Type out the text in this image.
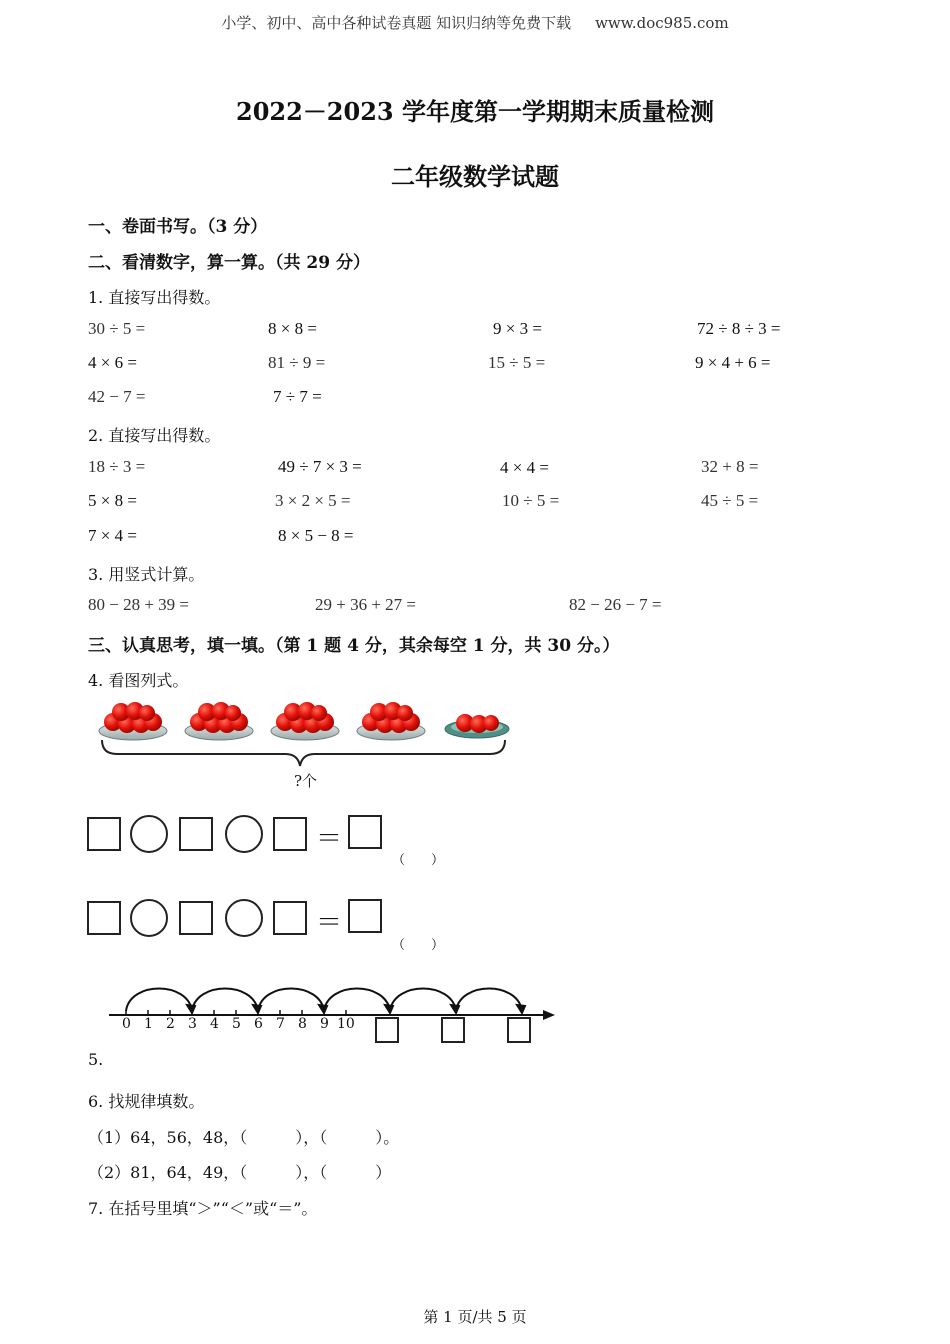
小学、初中、高中各种试卷真题 知识归纳等免费下载 www.doc985.com
2022－2023 学年度第一学期期末质量检测
二年级数学试题
一、卷面书写。（3 分）
二、看清数字，算一算。（共 29 分）
1. 直接写出得数。
30 ÷ 5 =	8 × 8 =	9 × 3 =	72 ÷ 8 ÷ 3 =
4 × 6 =	81 ÷ 9 =	15 ÷ 5 =	9 × 4 + 6 =
42 − 7 =	7 ÷ 7 =
2. 直接写出得数。
18 ÷ 3 =	49 ÷ 7 × 3 =	4 × 4 =	32 + 8 =
5 × 8 =	3 × 2 × 5 =	10 ÷ 5 =	45 ÷ 5 =
7 × 4 =	8 × 5 − 8 =
3. 用竖式计算。
80 − 28 + 39 =	29 + 36 + 27 =	82 − 26 − 7 =
三、认真思考，填一填。（第 1 题 4 分，其余每空 1 分，共 30 分。）
4. 看图列式。
?个
＝
（　　）
＝
（　　）
0 1 2 3 4 5 6 7 8 9 10
5.
6. 找规律填数。
（1）64，56，48，（　　　），（　　　）。
（2）81，64，49，（　　　），（　　　）
7. 在括号里填“＞”“＜”或“＝”。
第 1 页/共 5 页
